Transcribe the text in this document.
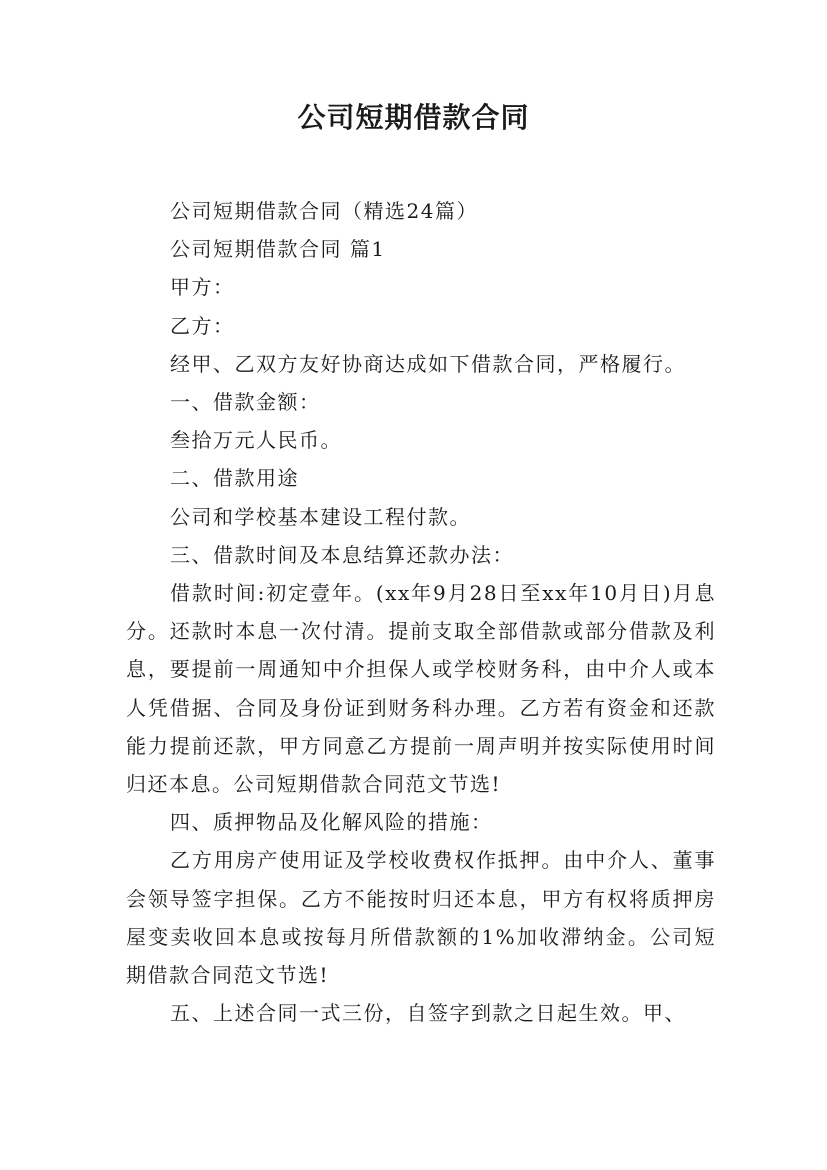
公司短期借款合同

公司短期借款合同（精选24篇）

公司短期借款合同 篇1

甲方：

乙方：

经甲、乙双方友好协商达成如下借款合同，严格履行。

一、借款金额：

叁拾万元人民币。

二、借款用途

公司和学校基本建设工程付款。

三、借款时间及本息结算还款办法：

借款时间:初定壹年。(xx年9月28日至xx年10月日)月息分。还款时本息一次付清。提前支取全部借款或部分借款及利息，要提前一周通知中介担保人或学校财务科，由中介人或本人凭借据、合同及身份证到财务科办理。乙方若有资金和还款能力提前还款，甲方同意乙方提前一周声明并按实际使用时间归还本息。公司短期借款合同范文节选!

四、质押物品及化解风险的措施：

乙方用房产使用证及学校收费权作抵押。由中介人、董事会领导签字担保。乙方不能按时归还本息，甲方有权将质押房屋变卖收回本息或按每月所借款额的1%加收滞纳金。公司短期借款合同范文节选!

五、上述合同一式三份，自签字到款之日起生效。甲、
